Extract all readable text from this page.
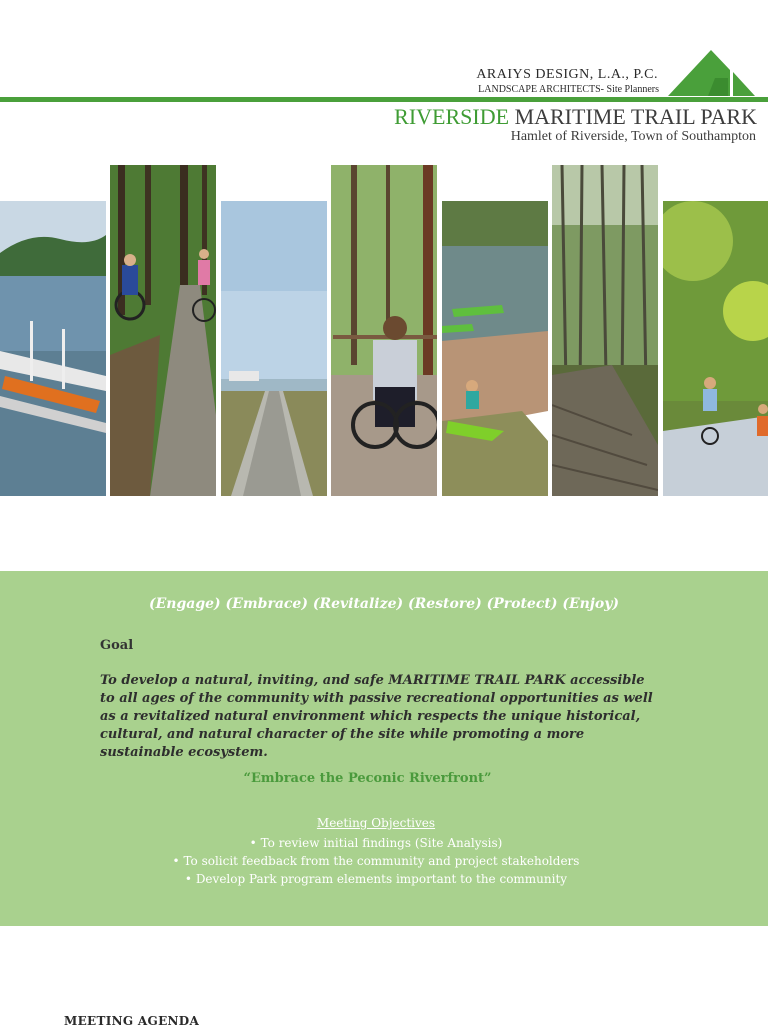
ARAIYS DESIGN, L.A., P.C.
LANDSCAPE ARCHITECTS- Site Planners
RIVERSIDE MARITIME TRAIL PARK
Hamlet of Riverside, Town of Southampton
(Engage) (Embrace) (Revitalize) (Restore) (Protect) (Enjoy)
Goal
To develop a natural, inviting, and safe MARITIME TRAIL PARK accessible to all ages of the community with passive recreational opportunities as well as a revitalized natural environment which respects the unique historical, cultural, and natural character of the site while promoting a more sustainable ecosystem.
“Embrace the Peconic Riverfront”
Meeting Objectives
• To review initial findings (Site Analysis)
• To solicit feedback from the community and project stakeholders
• Develop Park program elements important to the community
MEETING AGENDA
